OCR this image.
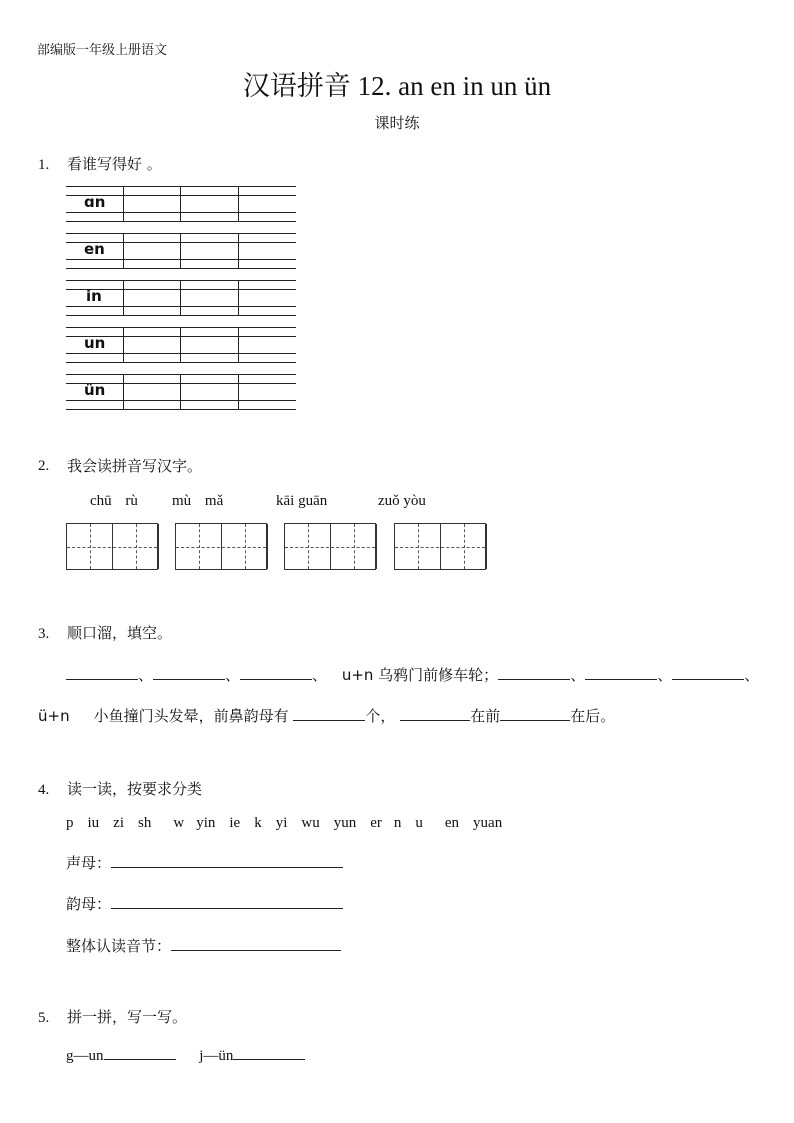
部编版一年级上册语文
汉语拼音 12. an en in un ün
课时练
1. 看谁写得好 。
ɑn
en
in
un
ün
2. 我会读拼音写汉字。
chū rù mù mǎ	kāi guān	zuǒ yòu
3. 顺口溜，填空。
、	、	、 u+n 乌鸦门前修车轮；	、	、	、
ü+n 小鱼撞门头发晕，前鼻韵母有	个，	在前	在后。
4. 读一读，按要求分类
p iu zi sh w yin ie k yi wu yun er n u en yuan
声母：
韵母：
整体认读音节：
5. 拼一拼，写一写。
g—un	j—ün
